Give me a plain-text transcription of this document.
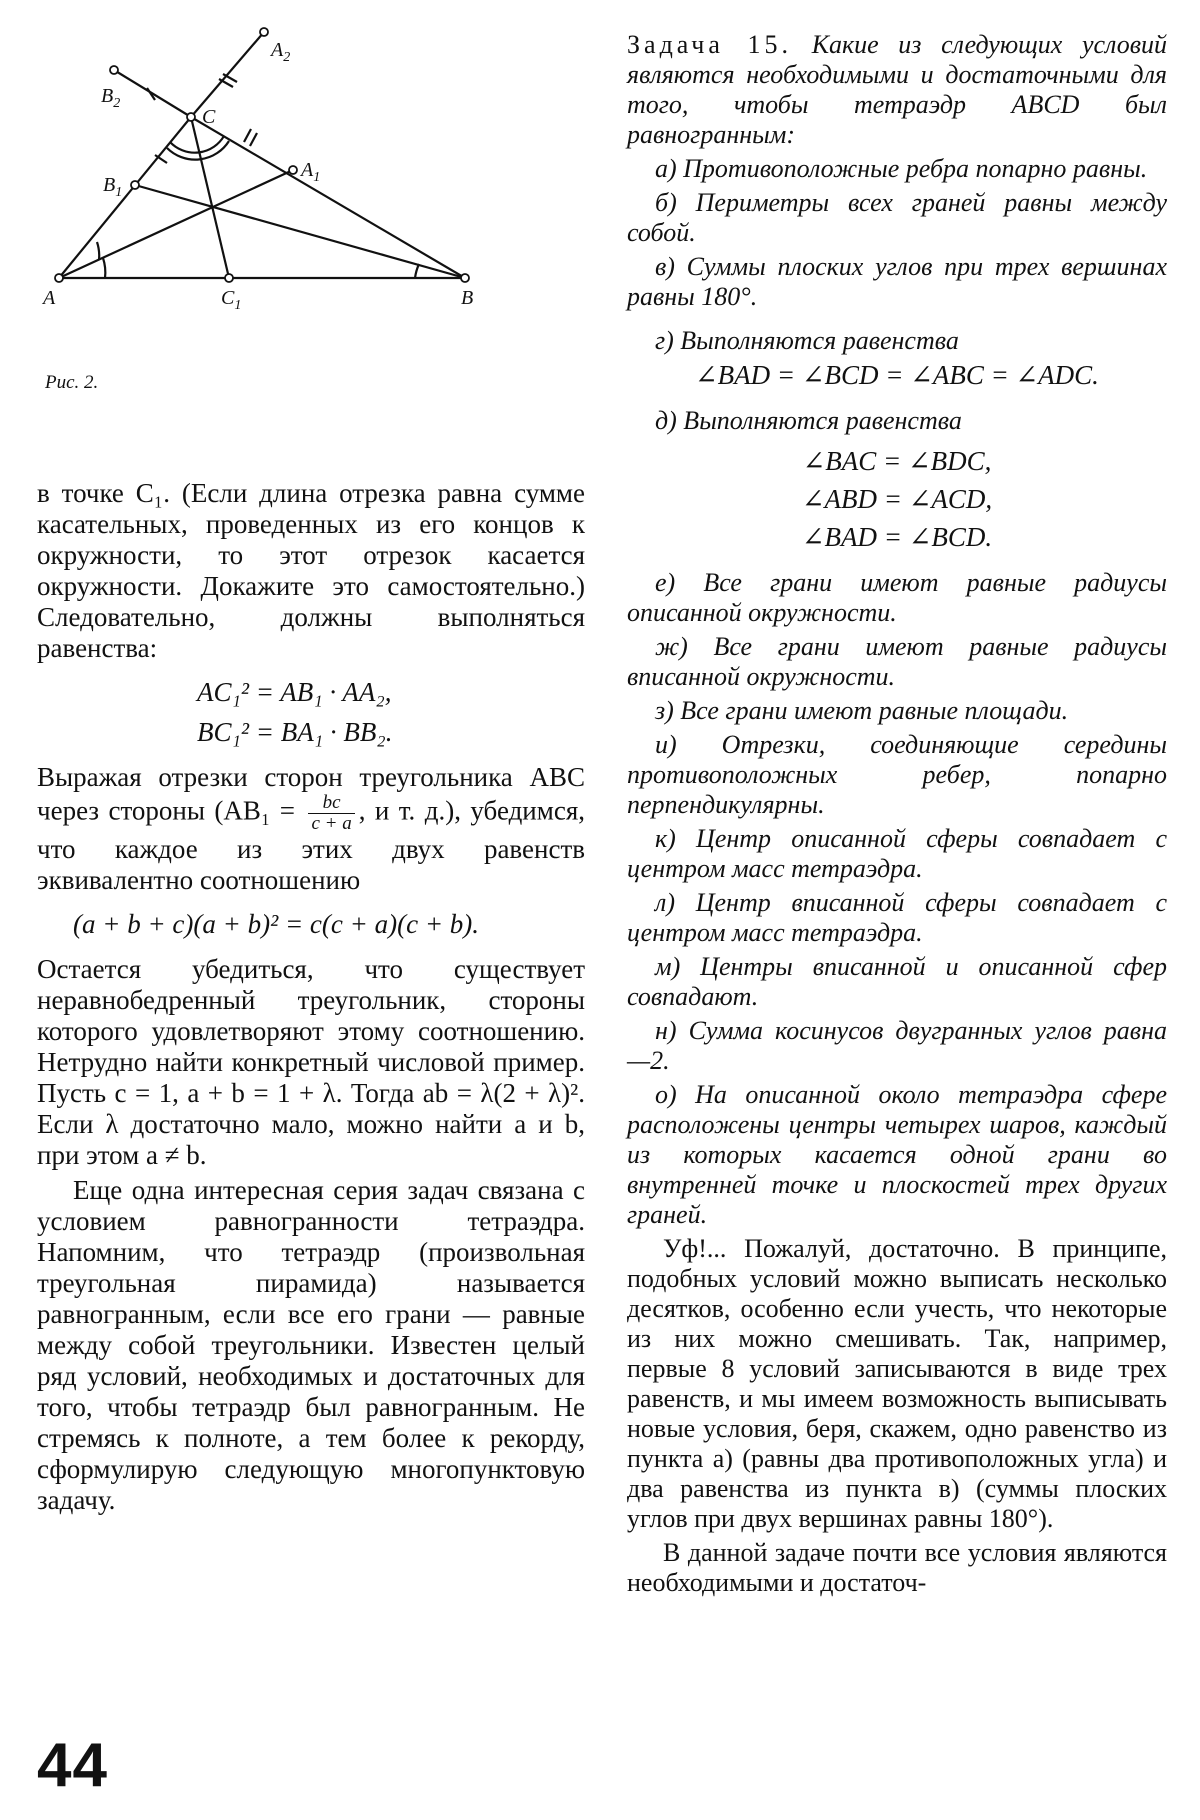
A	B
C
$A_1$
$B_1$
$C_1$
$A_2$
$B_2$
Рис. 2.

в точке C₁. (Если длина отрезка равна сумме касательных, проведенных из его концов к окружности, то этот отрезок касается окружности. Докажите это самостоятельно.) Следовательно, должны выполняться равенства:

AC₁² = AB₁ · AA₂,
BC₁² = BA₁ · BB₂.

Выражая отрезки сторон треугольника ABC через стороны ($AB_1 = \frac{bc}{c + a}$ , и т. д.), убедимся, что каждое из этих двух равенств эквивалентно соотношению

(a + b + c)(a + b)² = c(c + a)(c + b).

Остается убедиться, что существует неравнобедренный треугольник, стороны которого удовлетворяют этому соотношению. Нетрудно найти конкретный числовой пример. Пусть c = 1, a + b = 1 + λ. Тогда ab = λ(2 + λ)². Если λ достаточно мало, можно найти a и b, при этом a ≠ b.

Еще одна интересная серия задач связана с условием равногранности тетраэдра. Напомним, что тетраэдр (произвольная треугольная пирамида) называется равногранным, если все его грани — равные между собой треугольники. Известен целый ряд условий, необходимых и достаточных для того, чтобы тетраэдр был равногранным. Не стремясь к полноте, а тем более к рекорду, сформулирую следующую многопунктовую задачу.

Задача 15. Какие из следующих условий являются необходимыми и достаточными для того, чтобы тетраэдр ABCD был равногранным:

а) Противоположные ребра попарно равны.

б) Периметры всех граней равны между собой.

в) Суммы плоских углов при трех вершинах равны 180°.

г) Выполняются равенства

∠BAD = ∠BCD = ∠ABC = ∠ADC.

д) Выполняются равенства

∠BAC = ∠BDC,
∠ABD = ∠ACD,
∠BAD = ∠BCD.

е) Все грани имеют равные радиусы описанной окружности.

ж) Все грани имеют равные радиусы вписанной окружности.

з) Все грани имеют равные площади.

и) Отрезки, соединяющие середины противоположных ребер, попарно перпендикулярны.

к) Центр описанной сферы совпадает с центром масс тетраэдра.

л) Центр вписанной сферы совпадает с центром масс тетраэдра.

м) Центры вписанной и описанной сфер совпадают.

н) Сумма косинусов двугранных углов равна —2.

о) На описанной около тетраэдра сфере расположены центры четырех шаров, каждый из которых касается одной грани во внутренней точке и плоскостей трех других граней.

Уф!... Пожалуй, достаточно. В принципе, подобных условий можно выписать несколько десятков, особенно если учесть, что некоторые из них можно смешивать. Так, например, первые 8 условий записываются в виде трех равенств, и мы имеем возможность выписывать новые условия, беря, скажем, одно равенство из пункта а) (равны два противоположных угла) и два равенства из пункта в) (суммы плоских углов при двух вершинах равны 180°).

В данной задаче почти все условия являются необходимыми и достаточ-

44
